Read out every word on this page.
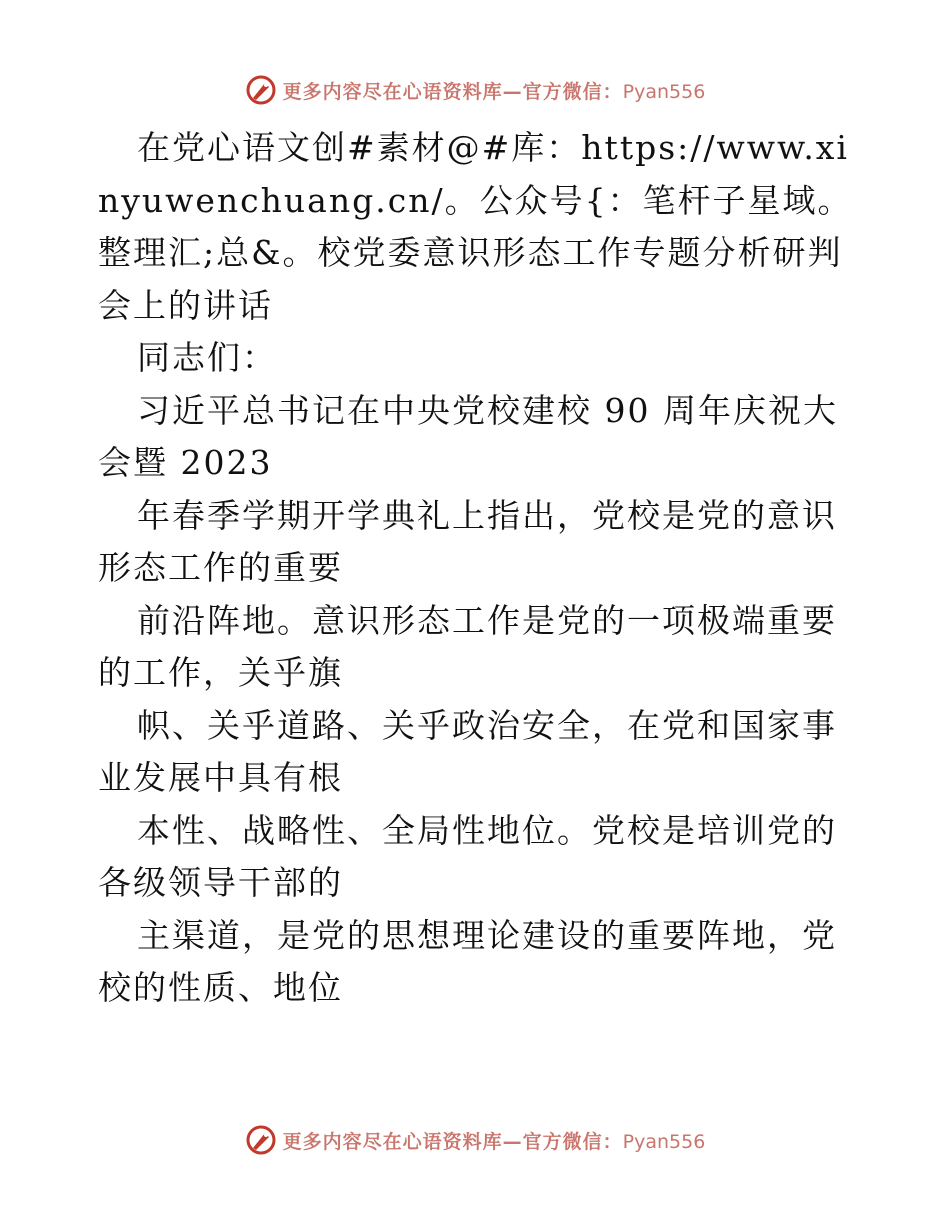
更多内容尽在心语资料库—官方微信：Pyan556

在党心语文创#素材@#库：https://www.xinyuwenchuang.cn/。公众号{：笔杆子星域。整理汇;总&。校党委意识形态工作专题分析研判会上的讲话

同志们：

习近平总书记在中央党校建校 90 周年庆祝大会暨 2023

年春季学期开学典礼上指出，党校是党的意识形态工作的重要

前沿阵地。意识形态工作是党的一项极端重要的工作，关乎旗

帜、关乎道路、关乎政治安全，在党和国家事业发展中具有根

本性、战略性、全局性地位。党校是培训党的各级领导干部的

主渠道，是党的思想理论建设的重要阵地，党校的性质、地位

更多内容尽在心语资料库—官方微信：Pyan556
